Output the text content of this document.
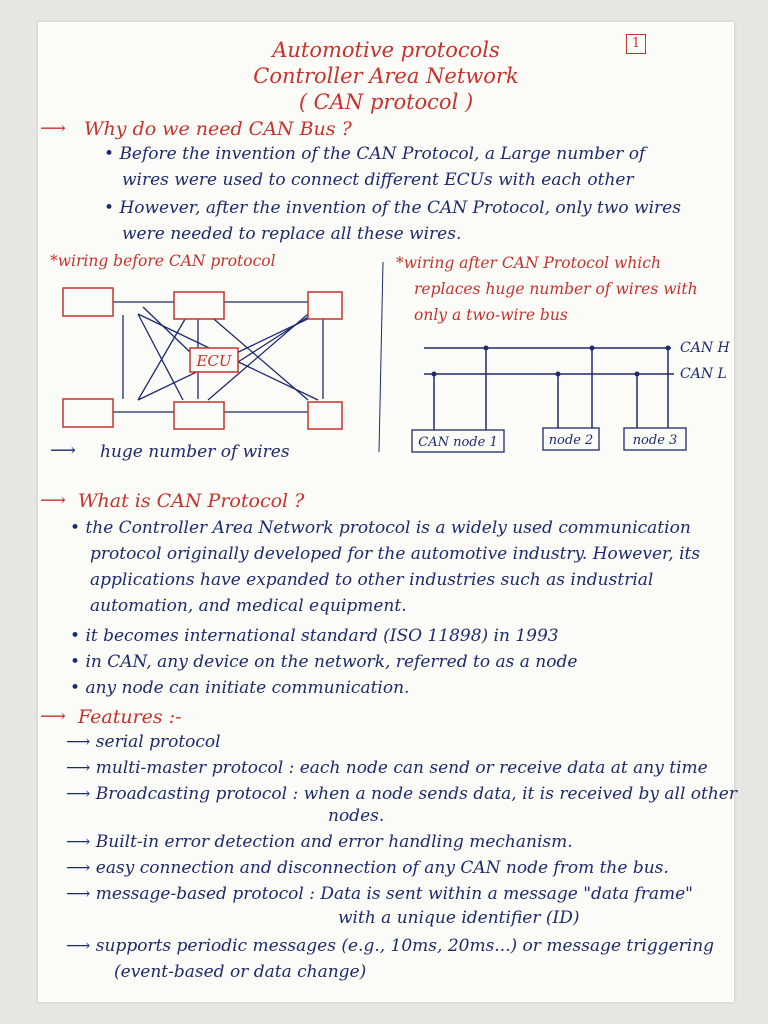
1
Automotive protocols
Controller Area Network
( CAN protocol )
⟶ Why do we need CAN Bus ?
• Before the invention of the CAN Protocol, a Large number of
wires were used to connect different ECUs with each other
• However, after the invention of the CAN Protocol, only two wires
were needed to replace all these wires.
*wiring before CAN protocol	*wiring after CAN Protocol which
replaces huge number of wires with
only a two-wire bus
ECU
CAN H
CAN L
CAN node 1	node 2	node 3
⟶ huge number of wires
⟶ What is CAN Protocol ?
• the Controller Area Network protocol is a widely used communication
protocol originally developed for the automotive industry. However, its
applications have expanded to other industries such as industrial
automation, and medical equipment.
• it becomes international standard (ISO 11898) in 1993
• in CAN, any device on the network, referred to as a node
• any node can initiate communication.
⟶ Features :-
⟶ serial protocol
⟶ multi-master protocol : each node can send or receive data at any time
⟶ Broadcasting protocol : when a node sends data, it is received by all other
nodes.
⟶ Built-in error detection and error handling mechanism.
⟶ easy connection and disconnection of any CAN node from the bus.
⟶ message-based protocol : Data is sent within a message "data frame"
with a unique identifier (ID)
⟶ supports periodic messages (e.g., 10ms, 20ms...) or message triggering
(event-based or data change)
